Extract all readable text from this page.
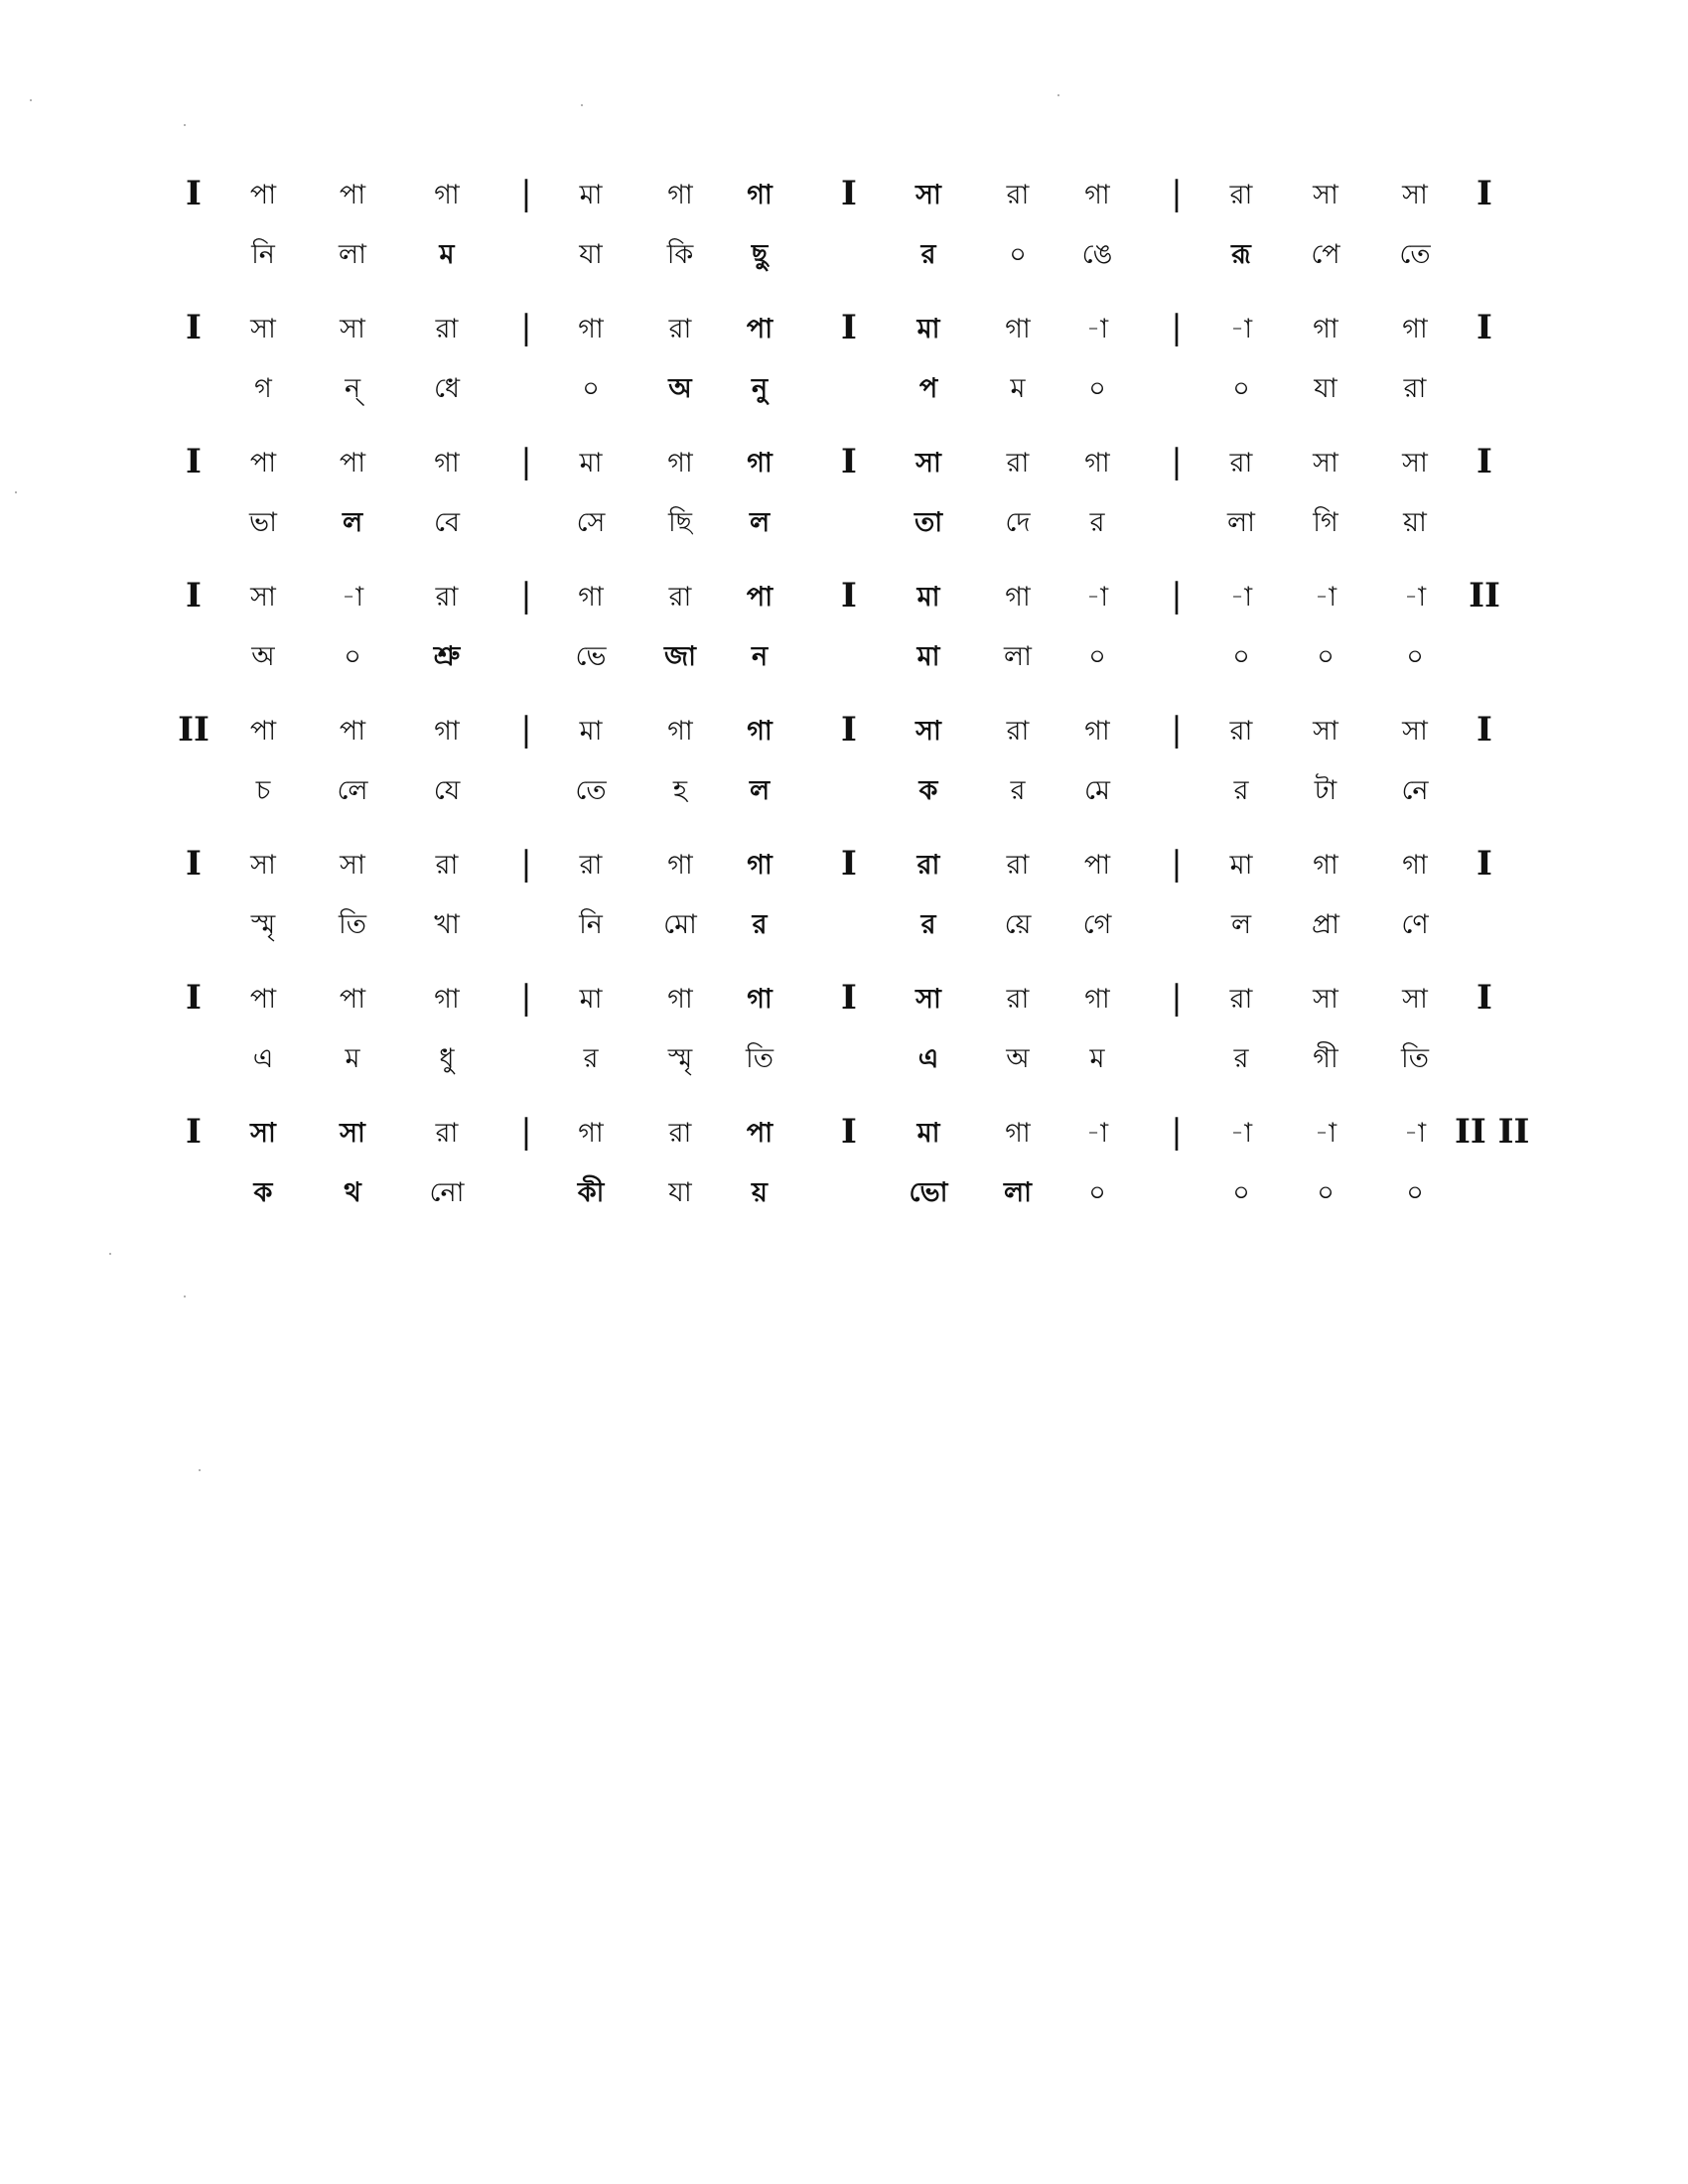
I	পা	পা	গা	|	মা	গা	গা	I	সা	রা	গা	|	রা	সা	সা	I
নি	লা	ম	যা	কি	ছু	র	০	ঙে	রূ	পে	তে
I	সা	সা	রা	|	গা	রা	পা	I	মা	গা	-া	|	-া	গা	গা	I
গ	ন্	ধে	০	অ	নু	প	ম	০	০	যা	রা
I	পা	পা	গা	|	মা	গা	গা	I	সা	রা	গা	|	রা	সা	সা	I
ভা	ল	বে	সে	ছি	ল	তা	দে	র	লা	গি	য়া
I	সা	-া	রা	|	গা	রা	পা	I	মা	গা	-া	|	-া	-া	-া	II
অ	০	শ্রু	ভে	জা	ন	মা	লা	০	০	০	০
II	পা	পা	গা	|	মা	গা	গা	I	সা	রা	গা	|	রা	সা	সা	I
চ	লে	যে	তে	হ	ল	ক	র	মে	র	টা	নে
I	সা	সা	রা	|	রা	গা	গা	I	রা	রা	পা	|	মা	গা	গা	I
স্মৃ	তি	খা	নি	মো	র	র	য়ে	গে	ল	প্রা	ণে
I	পা	পা	গা	|	মা	গা	গা	I	সা	রা	গা	|	রা	সা	সা	I
এ	ম	ধু	র	স্মৃ	তি	এ	অ	ম	র	গী	তি
I	সা	সা	রা	|	গা	রা	পা	I	মা	গা	-া	|	-া	-া	-া II II
ক	থ	নো	কী	যা	য়	ভো	লা	০	০	০	০
